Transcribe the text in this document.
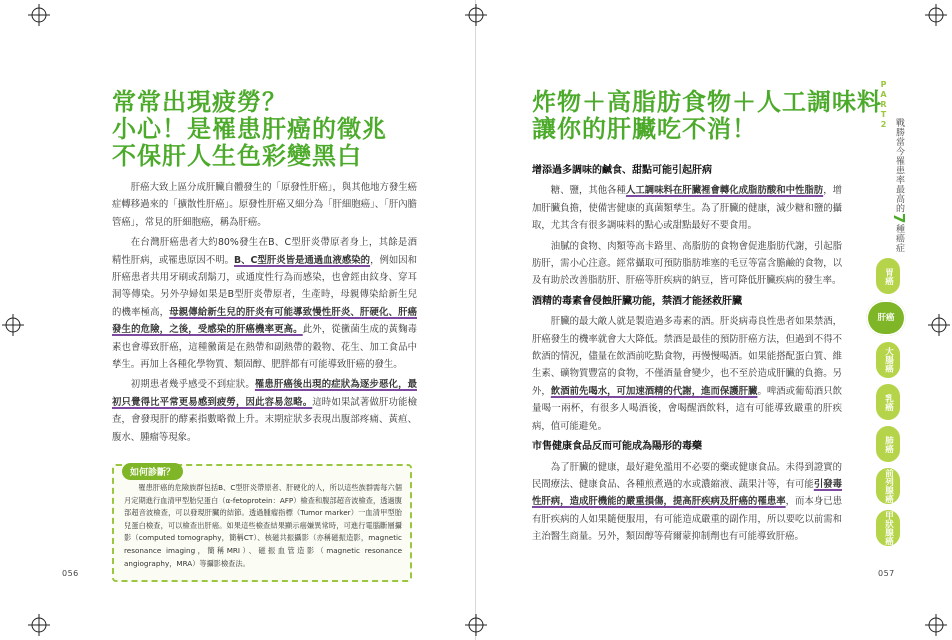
常常出現疲勞？
小心！是罹患肝癌的徵兆
不保肝人生色彩變黑白

肝癌大致上區分成肝臟自體發生的「原發性肝癌」，與其他地方發生癌症轉移過來的「擴散性肝癌」。原發性肝癌又細分為「肝細胞癌」、「肝內膽管癌」，常見的肝細胞癌，稱為肝癌。

在台灣肝癌患者大約80%發生在B、C型肝炎帶原者身上，其餘是酒精性肝病，或罹患原因不明。B、C型肝炎皆是通過血液感染的，例如因和肝癌患者共用牙刷或刮鬍刀，或通度性行為而感染，也會經由紋身、穿耳洞等傳染。另外孕婦如果是B型肝炎帶原者，生產時，母親傳染給新生兒的機率極高，母親傳給新生兒的肝炎有可能導致慢性肝炎、肝硬化、肝癌發生的危險，之後，受感染的肝癌機率更高。此外，從黴菌生成的黃麴毒素也會導致肝癌，這種黴菌是在熱帶和副熱帶的穀物、花生、加工食品中孳生。再加上各種化學物質、類固醇、肥胖都有可能導致肝癌的發生。

初期患者幾乎感受不到症狀。罹患肝癌後出現的症狀為逐步惡化，最初只覺得比平常更易感到疲勞，因此容易忽略。這時如果試著做肝功能檢查，會發現肝的酵素指數略微上升。末期症狀多表現出腹部疼痛、黃疸、腹水、腫瘤等現象。

如何診斷？

罹患肝癌的危險族群包括B、C型肝炎帶原者、肝硬化的人，所以這些族群需每六個月定期進行血清甲型胎兒蛋白（α-fetoprotein：AFP）檢查和腹部超音波檢查，透過腹部超音波檢查，可以發現肝臟的結節。透過腫瘤指標（Tumor marker）一血清甲型胎兒蛋白檢查，可以檢查出肝癌。如果這些檢查結果顯示癌嫌異常時，可進行電腦斷層攝影（computed tomography，簡稱CT）、核磁共振攝影（亦稱磁振造影，magnetic resonance imaging，簡稱MRI）、磁振血管造影（magnetic resonance angiography，MRA）等攝影檢查法。

056
炸物＋高脂肪食物＋人工調味料
讓你的肝臟吃不消！

增添過多調味的鹹食、甜點可能引起肝病

糖、鹽，其他各種人工調味料在肝臟裡會轉化成脂肪酸和中性脂肪，增加肝臟負擔，使備害健康的真菌類孳生。為了肝臟的健康，減少糖和鹽的攝取，尤其含有很多調味料的點心或甜點最好不要食用。

油膩的食物、肉類等高卡路里、高脂肪的食物會促進脂肪代謝，引起脂肪肝，需小心注意。經常攝取可預防脂肪堆塞的毛豆等富含膽鹼的食物，以及有助於改善脂肪肝、肝癌等肝疾病的納豆，皆可降低肝臟疾病的發生率。

酒精的毒素會侵蝕肝臟功能，禁酒才能拯救肝臟

肝臟的最大敵人就是製造過多毒素的酒。肝炎病毒良性患者如果禁酒，肝癌發生的機率就會大大降低。禁酒是最佳的預防肝癌方法，但過到不得不飲酒的情況，儘量在飲酒前吃點食物，再慢慢喝酒。如果能搭配蛋白質、維生素、礦物質豐富的食物，不僅酒量會變少，也不至於造成肝臟的負擔。另外，飲酒前先喝水，可加速酒精的代謝，進而保護肝臟。啤酒或葡萄酒只飲量喝一兩杯，有很多人喝酒後，會喝醒酒飲料，這有可能導致嚴重的肝疾病，值可能避免。

市售健康食品反而可能成為陽形的毒藥

為了肝臟的健康，最好避免濫用不必要的藥或健康食品。未得到證實的民間療法、健康食品、各種煎煮過的水或濃縮液、蔬果汁等，有可能引發毒性肝病，造成肝機能的嚴重損傷，提高肝疾病及肝癌的罹患率，而本身已患有肝疾病的人如果隨便服用，有可能造成嚴重的副作用，所以要吃以前需和主治醫生商量。另外，類固醇等荷爾蒙抑制劑也有可能導致肝癌。

PART2
戰勝當今罹患率最高的7種癌症
胃癌
肝癌
大腸癌
乳癌
肺癌
前列腺癌
甲狀腺癌
057
